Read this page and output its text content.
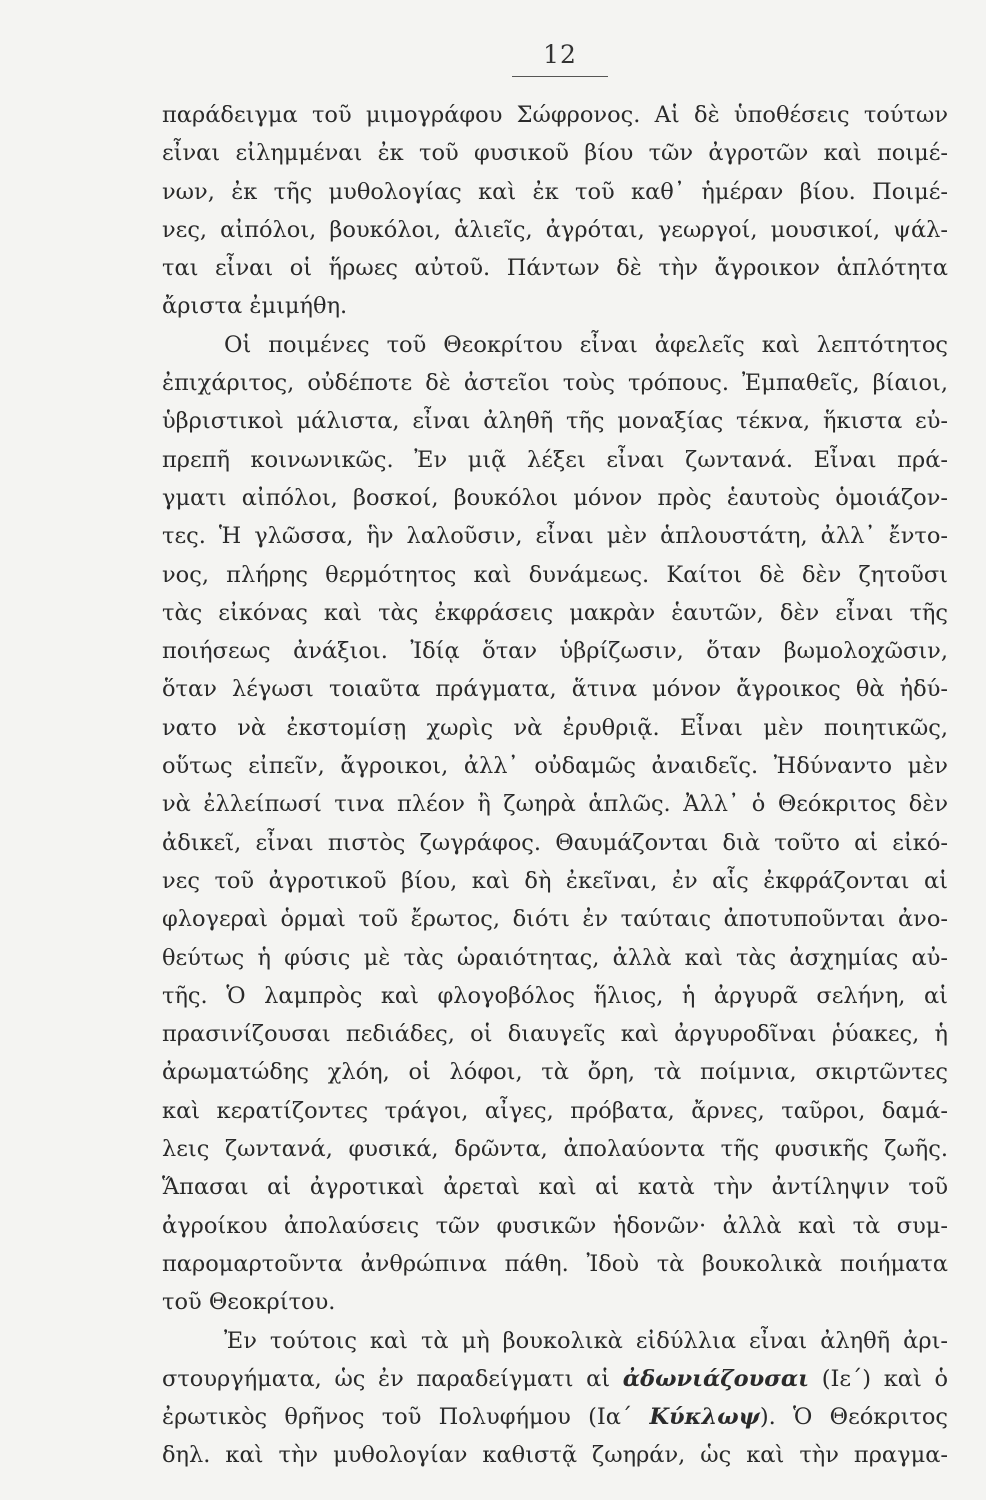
12
παράδειγμα τοῦ μιμογράφου Σώφρονος. Αἱ δὲ ὑποθέσεις τούτων
εἶναι εἰλημμέναι ἐκ τοῦ φυσικοῦ βίου τῶν ἀγροτῶν καὶ ποιμέ-
νων, ἐκ τῆς μυθολογίας καὶ ἐκ τοῦ καθ᾽ ἡμέραν βίου. Ποιμέ-
νες, αἰπόλοι, βουκόλοι, ἁλιεῖς, ἀγρόται, γεωργοί, μουσικοί, ψάλ-
ται εἶναι οἱ ἥρωες αὐτοῦ. Πάντων δὲ τὴν ἄγροικον ἁπλότητα
ἄριστα ἐμιμήθη.
Οἱ ποιμένες τοῦ Θεοκρίτου εἶναι ἀφελεῖς καὶ λεπτότητος
ἐπιχάριτος, οὐδέποτε δὲ ἀστεῖοι τοὺς τρόπους. Ἐμπαθεῖς, βίαιοι,
ὑβριστικοὶ μάλιστα, εἶναι ἀληθῆ τῆς μοναξίας τέκνα, ἥκιστα εὐ-
πρεπῆ κοινωνικῶς. Ἐν μιᾷ λέξει εἶναι ζωντανά. Εἶναι πρά-
γματι αἰπόλοι, βοσκοί, βουκόλοι μόνον πρὸς ἑαυτοὺς ὁμοιάζον-
τες. Ἡ γλῶσσα, ἣν λαλοῦσιν, εἶναι μὲν ἁπλουστάτη, ἀλλ᾽ ἔντο-
νος, πλήρης θερμότητος καὶ δυνάμεως. Καίτοι δὲ δὲν ζητοῦσι
τὰς εἰκόνας καὶ τὰς ἐκφράσεις μακρὰν ἑαυτῶν, δὲν εἶναι τῆς
ποιήσεως ἀνάξιοι. Ἰδίᾳ ὅταν ὑβρίζωσιν, ὅταν βωμολοχῶσιν,
ὅταν λέγωσι τοιαῦτα πράγματα, ἅτινα μόνον ἄγροικος θὰ ἠδύ-
νατο νὰ ἐκστομίσῃ χωρὶς νὰ ἐρυθριᾷ. Εἶναι μὲν ποιητικῶς,
οὕτως εἰπεῖν, ἄγροικοι, ἀλλ᾽ οὐδαμῶς ἀναιδεῖς. Ἠδύναντο μὲν
νὰ ἐλλείπωσί τινα πλέον ἢ ζωηρὰ ἁπλῶς. Ἀλλ᾽ ὁ Θεόκριτος δὲν
ἀδικεῖ, εἶναι πιστὸς ζωγράφος. Θαυμάζονται διὰ τοῦτο αἱ εἰκό-
νες τοῦ ἀγροτικοῦ βίου, καὶ δὴ ἐκεῖναι, ἐν αἷς ἐκφράζονται αἱ
φλογεραὶ ὁρμαὶ τοῦ ἔρωτος, διότι ἐν ταύταις ἀποτυποῦνται ἀνο-
θεύτως ἡ φύσις μὲ τὰς ὡραιότητας, ἀλλὰ καὶ τὰς ἀσχημίας αὐ-
τῆς. Ὁ λαμπρὸς καὶ φλογοβόλος ἥλιος, ἡ ἀργυρᾶ σελήνη, αἱ
πρασινίζουσαι πεδιάδες, οἱ διαυγεῖς καὶ ἀργυροδῖναι ῥύακες, ἡ
ἀρωματώδης χλόη, οἱ λόφοι, τὰ ὄρη, τὰ ποίμνια, σκιρτῶντες
καὶ κερατίζοντες τράγοι, αἶγες, πρόβατα, ἄρνες, ταῦροι, δαμά-
λεις ζωντανά, φυσικά, δρῶντα, ἀπολαύοντα τῆς φυσικῆς ζωῆς.
Ἅπασαι αἱ ἀγροτικαὶ ἀρεταὶ καὶ αἱ κατὰ τὴν ἀντίληψιν τοῦ
ἀγροίκου ἀπολαύσεις τῶν φυσικῶν ἡδονῶν· ἀλλὰ καὶ τὰ συμ-
παρομαρτοῦντα ἀνθρώπινα πάθη. Ἰδοὺ τὰ βουκολικὰ ποιήματα
τοῦ Θεοκρίτου.
Ἐν τούτοις καὶ τὰ μὴ βουκολικὰ εἰδύλλια εἶναι ἀληθῆ ἀρι-
στουργήματα, ὡς ἐν παραδείγματι αἱ ἀδωνιάζουσαι (Ιε´) καὶ ὁ
ἐρωτικὸς θρῆνος τοῦ Πολυφήμου (Ια´ Κύκλωψ). Ὁ Θεόκριτος
δηλ. καὶ τὴν μυθολογίαν καθιστᾷ ζωηράν, ὡς καὶ τὴν πραγμα-
